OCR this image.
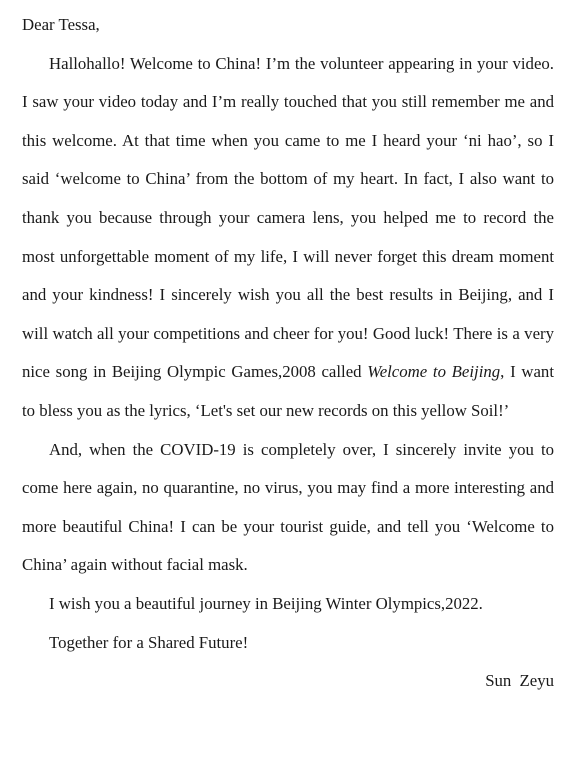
Dear Tessa,

Hallohallo! Welcome to China! I’m the volunteer appearing in your video. I saw your video today and I’m really touched that you still remember me and this welcome. At that time when you came to me I heard your ‘ni hao’, so I said ‘welcome to China’ from the bottom of my heart. In fact, I also want to thank you because through your camera lens, you helped me to record the most unforgettable moment of my life, I will never forget this dream moment and your kindness! I sincerely wish you all the best results in Beijing, and I will watch all your competitions and cheer for you! Good luck! There is a very nice song in Beijing Olympic Games,2008 called Welcome to Beijing, I want to bless you as the lyrics, ‘Let's set our new records on this yellow Soil!’

And, when the COVID-19 is completely over, I sincerely invite you to come here again, no quarantine, no virus, you may find a more interesting and more beautiful China! I can be your tourist guide, and tell you ‘Welcome to China’ again without facial mask.

I wish you a beautiful journey in Beijing Winter Olympics,2022.

Together for a Shared Future!

Sun Zeyu
